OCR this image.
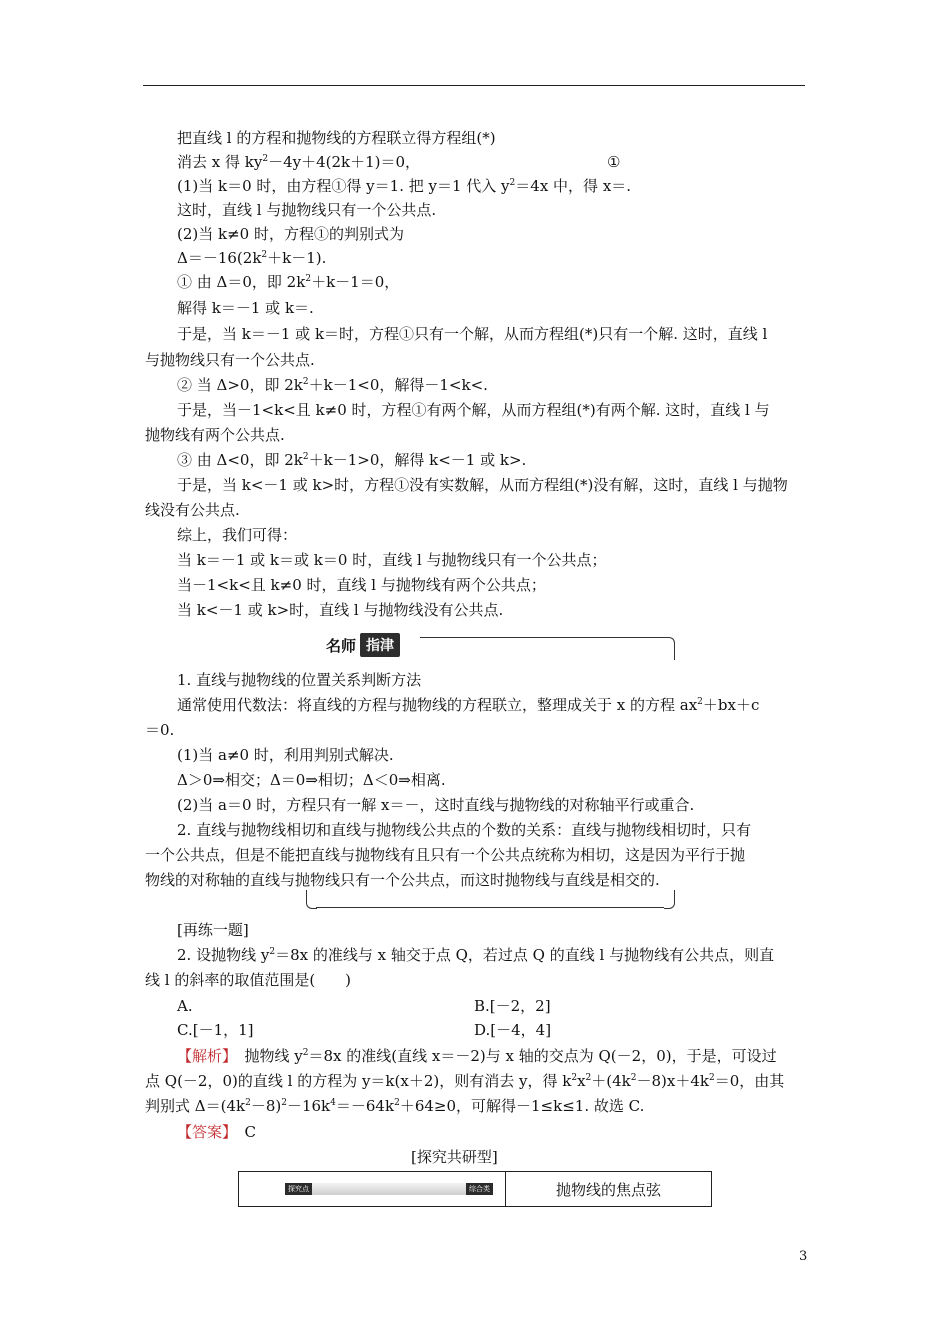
把直线 l 的方程和抛物线的方程联立得方程组(*)
消去 x 得 $ky^2-4y+4(2k+1)=0$，	①
(1)当 k＝0 时，由方程①得 y＝1. 把 y＝1 代入 $y^2=4x$ 中，得 x＝.
这时，直线 l 与抛物线只有一个公共点.
(2)当 k≠0 时，方程①的判别式为
$\Delta=-16(2k^2+k-1)$.
① 由 Δ＝0，即 $2k^2+k-1=0$，
解得 k＝－1 或 k＝.
于是，当 k＝－1 或 k＝时，方程①只有一个解，从而方程组(*)只有一个解. 这时，直线 l
与抛物线只有一个公共点.
② 当 Δ>0，即 $2k^2+k-1<0$，解得－1<k<.
于是，当－1<k<且 k≠0 时，方程①有两个解，从而方程组(*)有两个解. 这时，直线 l 与
抛物线有两个公共点.
③ 由 Δ<0，即 $2k^2+k-1>0$，解得 k<－1 或 k>.
于是，当 k<－1 或 k>时，方程①没有实数解，从而方程组(*)没有解，这时，直线 l 与抛物
线没有公共点.
综上，我们可得：
当 k＝－1 或 k＝或 k＝0 时，直线 l 与抛物线只有一个公共点；
当－1<k<且 k≠0 时，直线 l 与抛物线有两个公共点；
当 k<－1 或 k>时，直线 l 与抛物线没有公共点.
名师 指津
1. 直线与抛物线的位置关系判断方法
通常使用代数法：将直线的方程与抛物线的方程联立，整理成关于 x 的方程 $ax^2+bx+c$
＝0.
(1)当 a≠0 时，利用判别式解决.
Δ＞0⇒相交；Δ＝0⇒相切；Δ＜0⇒相离.
(2)当 a＝0 时，方程只有一解 x＝－，这时直线与抛物线的对称轴平行或重合.
2. 直线与抛物线相切和直线与抛物线公共点的个数的关系：直线与抛物线相切时，只有
一个公共点，但是不能把直线与抛物线有且只有一个公共点统称为相切，这是因为平行于抛
物线的对称轴的直线与抛物线只有一个公共点，而这时抛物线与直线是相交的.
[再练一题]
2. 设抛物线 $y^2=8x$ 的准线与 x 轴交于点 Q，若过点 Q 的直线 l 与抛物线有公共点，则直
线 l 的斜率的取值范围是(　　)
A.	B.[－2，2]
C.[－1，1]	D.[－4，4]
【解析】　抛物线 $y^2=8x$ 的准线(直线 x＝－2)与 x 轴的交点为 Q(－2，0)，于是，可设过
点 Q(－2，0)的直线 l 的方程为 y＝k(x＋2)，则有消去 y，得 $k^2x^2+(4k^2-8)x+4k^2=0$，由其
判别式 $\Delta=(4k^2-8)^2-16k^4=-64k^2+64\ge 0$，可解得－1≤k≤1. 故选 C.
【答案】　C
[探究共研型]
探究点	综合类	抛物线的焦点弦
3
